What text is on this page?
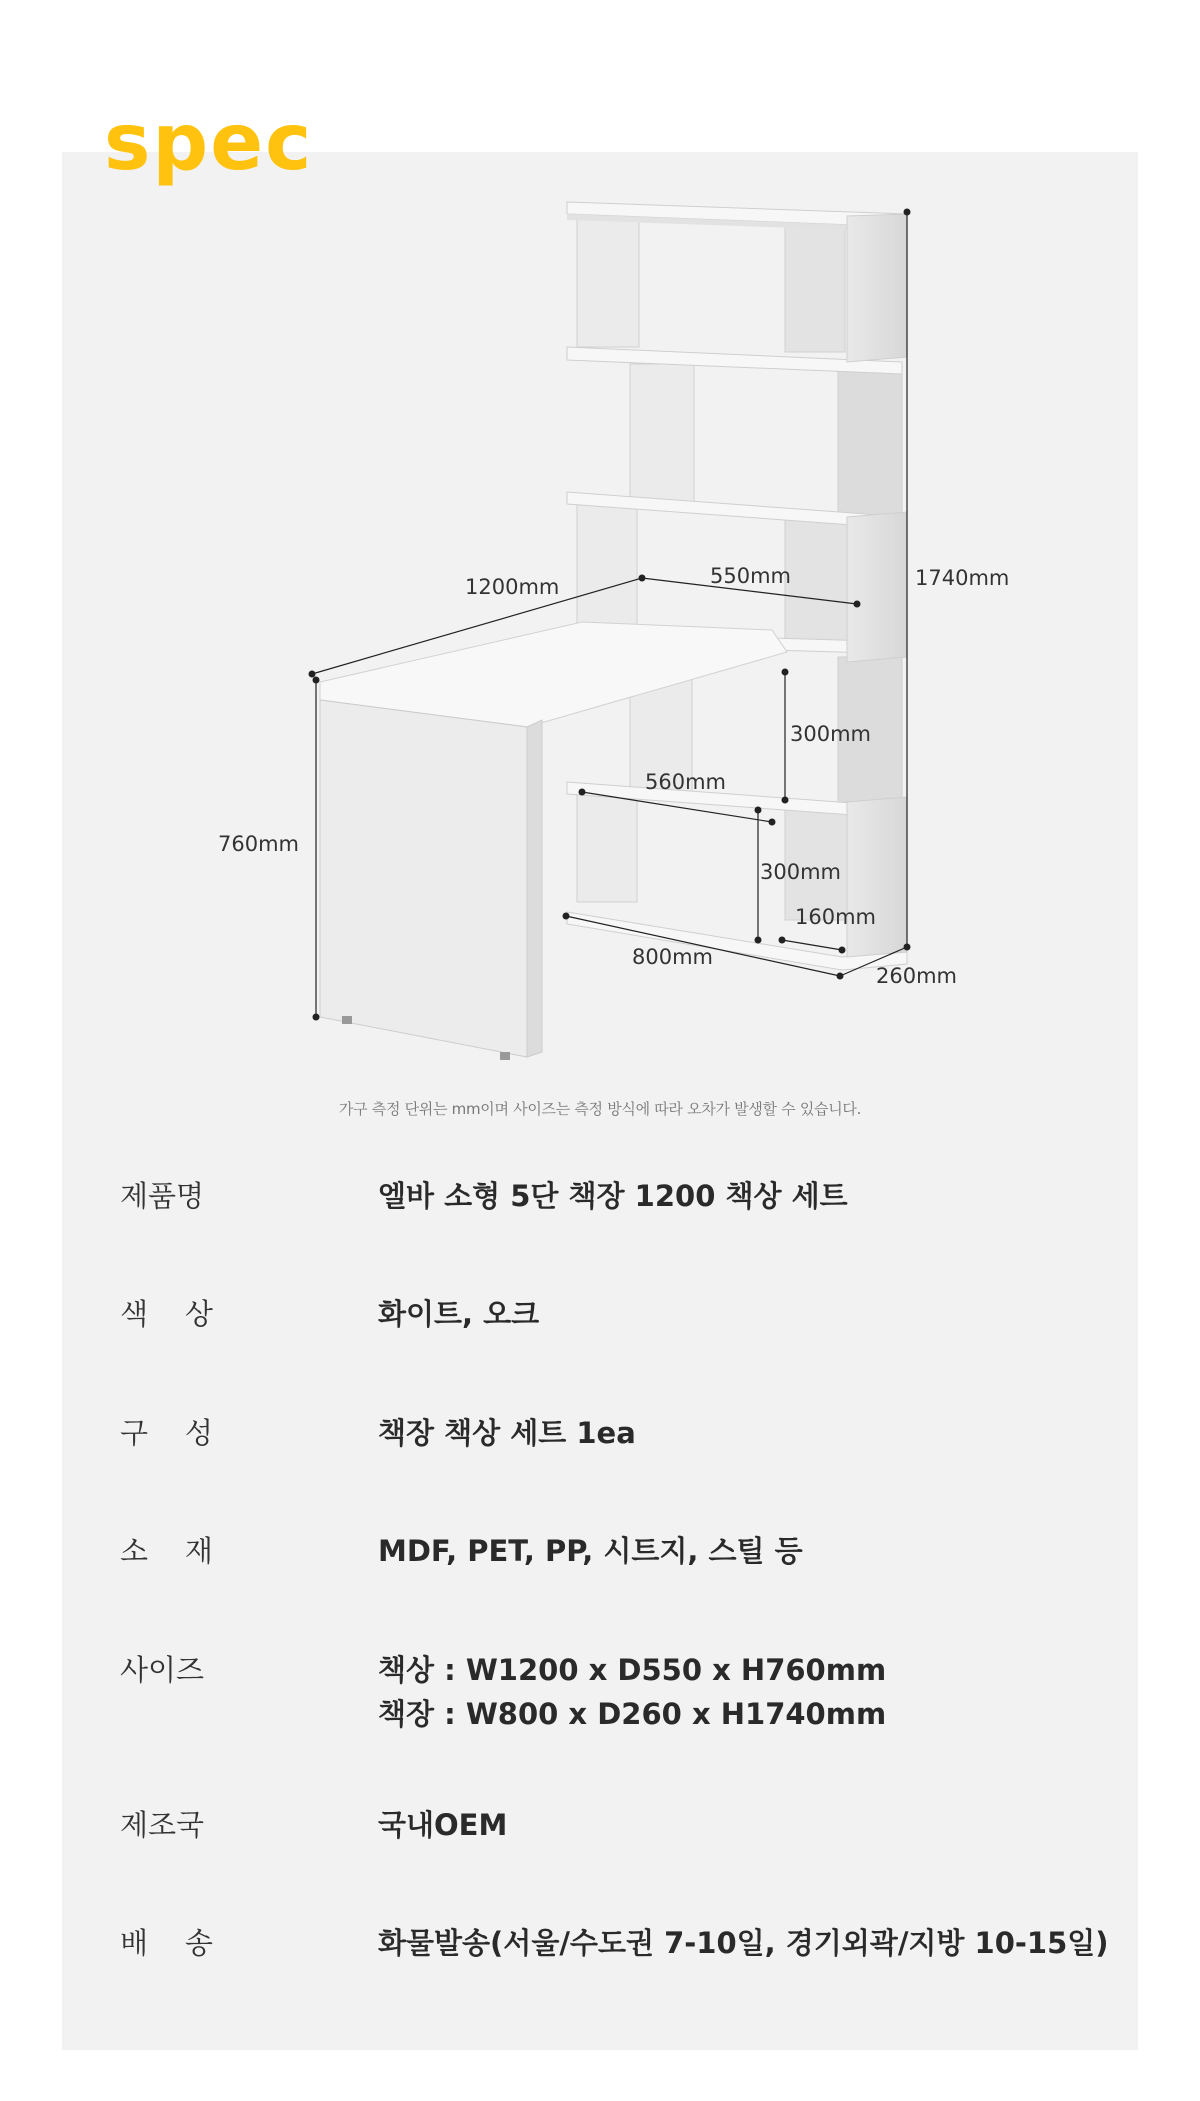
spec
1200mm	550mm	1740mm
300mm
560mm
300mm
760mm
160mm
800mm
260mm
가구 측정 단위는 mm이며 사이즈는 측정 방식에 따라 오차가 발생할 수 있습니다.
제품명	엘바 소형 5단 책장 1200 책상 세트
색    상	화이트, 오크
구    성	책장 책상 세트 1ea
소    재	MDF, PET, PP, 시트지, 스틸 등
사이즈	책상 : W1200 x D550 x H760mm
책장 : W800 x D260 x H1740mm
제조국	국내OEM
배    송	화물발송(서울/수도권 7-10일, 경기외곽/지방 10-15일)
